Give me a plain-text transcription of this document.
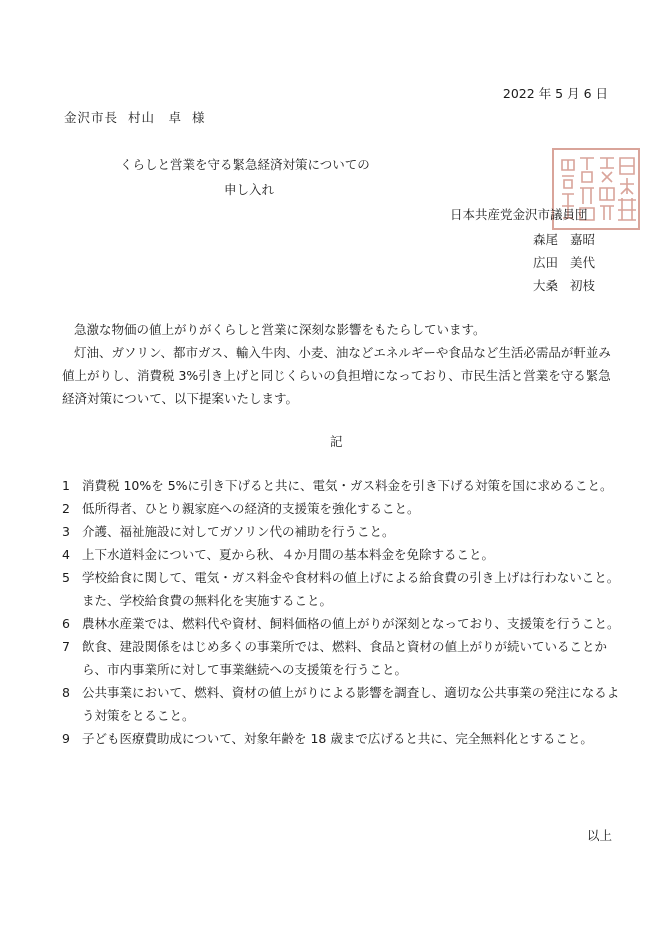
2022 年 5 月 6 日
金沢市長 村山　卓 様
くらしと営業を守る緊急経済対策についての
申し入れ
日本共産党金沢市議員団
森尾 嘉昭
広田 美代
大桑 初枝

急激な物価の値上がりがくらしと営業に深刻な影響をもたらしています。

灯油、ガソリン、都市ガス、輸入牛肉、小麦、油などエネルギーや食品など生活必需品が軒並み値上がりし、消費税 3%引き上げと同じくらいの負担増になっており、市民生活と営業を守る緊急経済対策について、以下提案いたします。

記
1 消費税 10%を 5%に引き下げると共に、電気・ガス料金を引き下げる対策を国に求めること。
2 低所得者、ひとり親家庭への経済的支援策を強化すること。
3 介護、福祉施設に対してガソリン代の補助を行うこと。
4 上下水道料金について、夏から秋、４か月間の基本料金を免除すること。
5 学校給食に関して、電気・ガス料金や食材料の値上げによる給食費の引き上げは行わないこと。また、学校給食費の無料化を実施すること。
6 農林水産業では、燃料代や資材、飼料価格の値上がりが深刻となっており、支援策を行うこと。
7 飲食、建設関係をはじめ多くの事業所では、燃料、食品と資材の値上がりが続いていることから、市内事業所に対して事業継続への支援策を行うこと。
8 公共事業において、燃料、資材の値上がりによる影響を調査し、適切な公共事業の発注になるよう対策をとること。
9 子ども医療費助成について、対象年齢を 18 歳まで広げると共に、完全無料化とすること。
以上
